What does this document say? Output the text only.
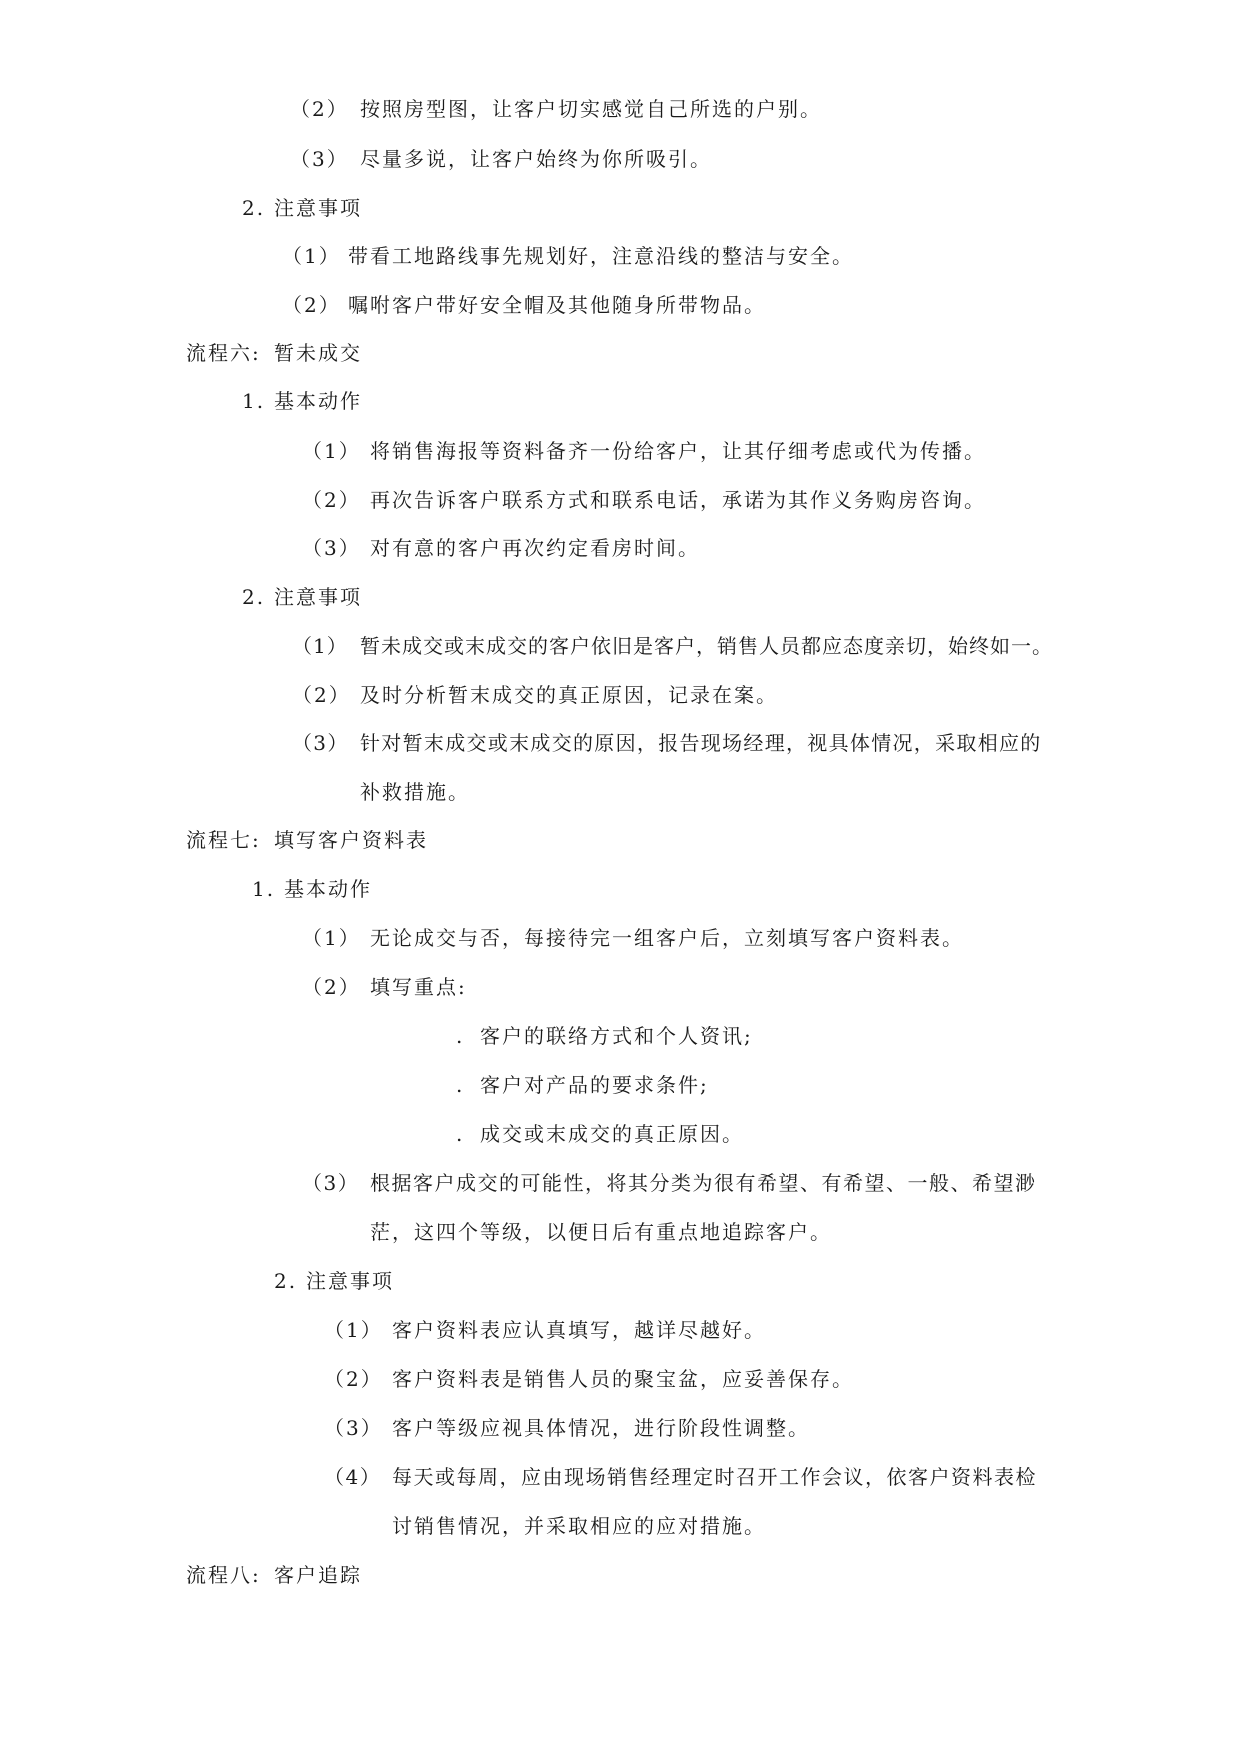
（2） 按照房型图，让客户切实感觉自己所选的户别。
（3） 尽量多说，让客户始终为你所吸引。
2. 注意事项
（1） 带看工地路线事先规划好，注意沿线的整洁与安全。
（2） 嘱咐客户带好安全帽及其他随身所带物品。
流程六: 暂未成交
1. 基本动作
（1） 将销售海报等资料备齐一份给客户，让其仔细考虑或代为传播。
（2） 再次告诉客户联系方式和联系电话，承诺为其作义务购房咨询。
（3） 对有意的客户再次约定看房时间。
2. 注意事项
（1） 暂未成交或末成交的客户依旧是客户，销售人员都应态度亲切，始终如一。
（2） 及时分析暂末成交的真正原因，记录在案。
（3） 针对暂末成交或末成交的原因，报告现场经理，视具体情况，采取相应的
补救措施。
流程七: 填写客户资料表
1. 基本动作
（1） 无论成交与否，每接待完一组客户后，立刻填写客户资料表。
（2） 填写重点:
. 客户的联络方式和个人资讯;
. 客户对产品的要求条件;
. 成交或末成交的真正原因。
（3） 根据客户成交的可能性，将其分类为很有希望、有希望、一般、希望渺
茫，这四个等级，以便日后有重点地追踪客户。
2. 注意事项
（1） 客户资料表应认真填写，越详尽越好。
（2） 客户资料表是销售人员的聚宝盆，应妥善保存。
（3） 客户等级应视具体情况，进行阶段性调整。
（4） 每天或每周，应由现场销售经理定时召开工作会议，依客户资料表检
讨销售情况，并采取相应的应对措施。
流程八: 客户追踪
